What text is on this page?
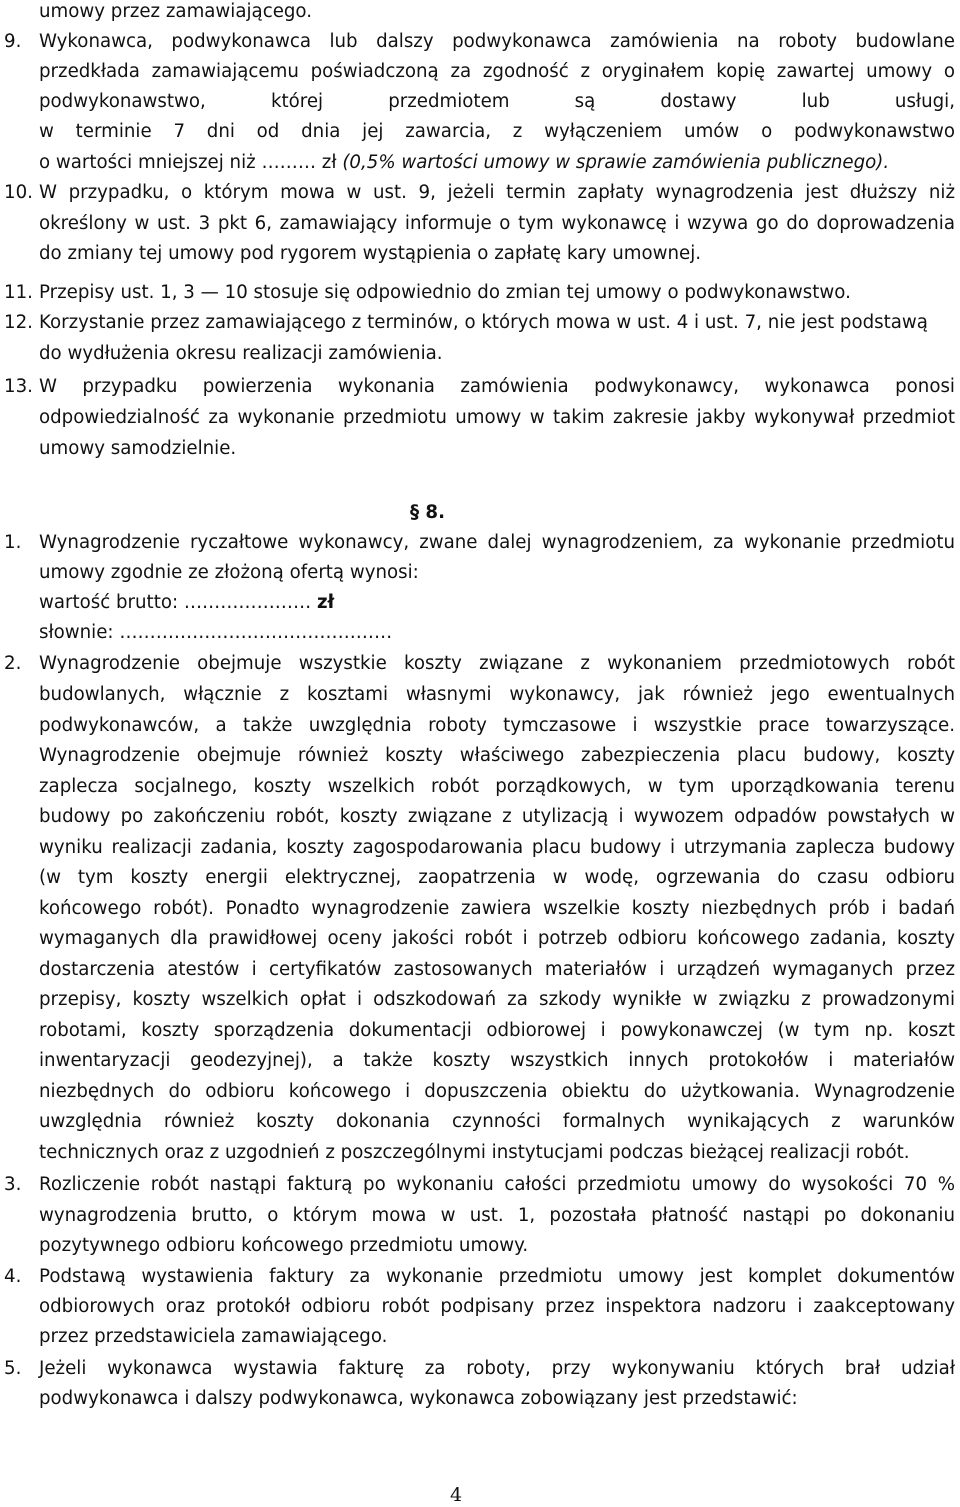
umowy przez zamawiającego.
9. Wykonawca, podwykonawca lub dalszy podwykonawca zamówienia na roboty budowlane
przedkłada zamawiającemu poświadczoną za zgodność z oryginałem kopię zawartej umowy o
podwykonawstwo, której przedmiotem są dostawy lub usługi,
w terminie 7 dni od dnia jej zawarcia, z wyłączeniem umów o podwykonawstwo
o wartości mniejszej niż ……… zł (0,5% wartości umowy w sprawie zamówienia publicznego).
10. W przypadku, o którym mowa w ust. 9, jeżeli termin zapłaty wynagrodzenia jest dłuższy niż
określony w ust. 3 pkt 6, zamawiający informuje o tym wykonawcę i wzywa go do doprowadzenia
do zmiany tej umowy pod rygorem wystąpienia o zapłatę kary umownej.
11. Przepisy ust. 1, 3 — 10 stosuje się odpowiednio do zmian tej umowy o podwykonawstwo.
12. Korzystanie przez zamawiającego z terminów, o których mowa w ust. 4 i ust. 7, nie jest podstawą
do wydłużenia okresu realizacji zamówienia.
13. W przypadku powierzenia wykonania zamówienia podwykonawcy, wykonawca ponosi
odpowiedzialność za wykonanie przedmiotu umowy w takim zakresie jakby wykonywał przedmiot
umowy samodzielnie.
§ 8.
1. Wynagrodzenie ryczałtowe wykonawcy, zwane dalej wynagrodzeniem, za wykonanie przedmiotu
umowy zgodnie ze złożoną ofertą wynosi:
wartość brutto: ………………… zł
słownie: ………………………………………
2. Wynagrodzenie obejmuje wszystkie koszty związane z wykonaniem przedmiotowych robót
budowlanych, włącznie z kosztami własnymi wykonawcy, jak również jego ewentualnych
podwykonawców, a także uwzględnia roboty tymczasowe i wszystkie prace towarzyszące.
Wynagrodzenie obejmuje również koszty właściwego zabezpieczenia placu budowy, koszty
zaplecza socjalnego, koszty wszelkich robót porządkowych, w tym uporządkowania terenu
budowy po zakończeniu robót, koszty związane z utylizacją i wywozem odpadów powstałych w
wyniku realizacji zadania, koszty zagospodarowania placu budowy i utrzymania zaplecza budowy
(w tym koszty energii elektrycznej, zaopatrzenia w wodę, ogrzewania do czasu odbioru
końcowego robót). Ponadto wynagrodzenie zawiera wszelkie koszty niezbędnych prób i badań
wymaganych dla prawidłowej oceny jakości robót i potrzeb odbioru końcowego zadania, koszty
dostarczenia atestów i certyfikatów zastosowanych materiałów i urządzeń wymaganych przez
przepisy, koszty wszelkich opłat i odszkodowań za szkody wynikłe w związku z prowadzonymi
robotami, koszty sporządzenia dokumentacji odbiorowej i powykonawczej (w tym np. koszt
inwentaryzacji geodezyjnej), a także koszty wszystkich innych protokołów i materiałów
niezbędnych do odbioru końcowego i dopuszczenia obiektu do użytkowania. Wynagrodzenie
uwzględnia również koszty dokonania czynności formalnych wynikających z warunków
technicznych oraz z uzgodnień z poszczególnymi instytucjami podczas bieżącej realizacji robót.
3. Rozliczenie robót nastąpi fakturą po wykonaniu całości przedmiotu umowy do wysokości 70 %
wynagrodzenia brutto, o którym mowa w ust. 1, pozostała płatność nastąpi po dokonaniu
pozytywnego odbioru końcowego przedmiotu umowy.
4. Podstawą wystawienia faktury za wykonanie przedmiotu umowy jest komplet dokumentów
odbiorowych oraz protokół odbioru robót podpisany przez inspektora nadzoru i zaakceptowany
przez przedstawiciela zamawiającego.
5. Jeżeli wykonawca wystawia fakturę za roboty, przy wykonywaniu których brał udział
podwykonawca i dalszy podwykonawca, wykonawca zobowiązany jest przedstawić:
4
